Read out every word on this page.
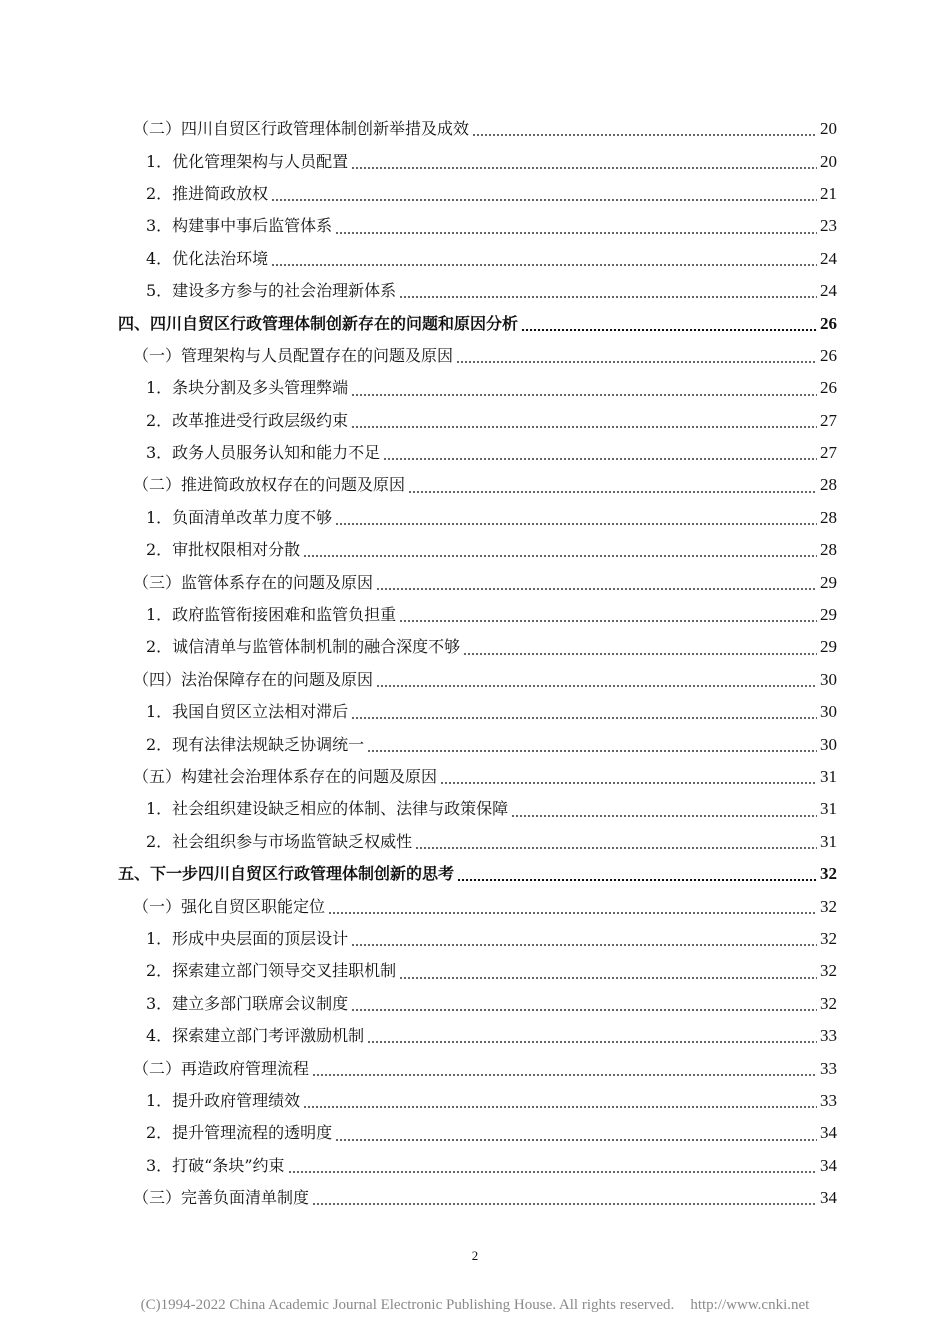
（二）四川自贸区行政管理体制创新举措及成效	20
1．优化管理架构与人员配置	20
2．推进简政放权	21
3．构建事中事后监管体系	23
4．优化法治环境	24
5．建设多方参与的社会治理新体系	24
四、四川自贸区行政管理体制创新存在的问题和原因分析	26
（一）管理架构与人员配置存在的问题及原因	26
1．条块分割及多头管理弊端	26
2．改革推进受行政层级约束	27
3．政务人员服务认知和能力不足	27
（二）推进简政放权存在的问题及原因	28
1．负面清单改革力度不够	28
2．审批权限相对分散	28
（三）监管体系存在的问题及原因	29
1．政府监管衔接困难和监管负担重	29
2．诚信清单与监管体制机制的融合深度不够	29
（四）法治保障存在的问题及原因	30
1．我国自贸区立法相对滞后	30
2．现有法律法规缺乏协调统一	30
（五）构建社会治理体系存在的问题及原因	31
1．社会组织建设缺乏相应的体制、法律与政策保障	31
2．社会组织参与市场监管缺乏权威性	31
五、下一步四川自贸区行政管理体制创新的思考	32
（一）强化自贸区职能定位	32
1．形成中央层面的顶层设计	32
2．探索建立部门领导交叉挂职机制	32
3．建立多部门联席会议制度	32
4．探索建立部门考评激励机制	33
（二）再造政府管理流程	33
1．提升政府管理绩效	33
2．提升管理流程的透明度	34
3．打破“条块”约束	34
（三）完善负面清单制度	34
2
(C)1994-2022 China Academic Journal Electronic Publishing House. All rights reserved. http://www.cnki.net
